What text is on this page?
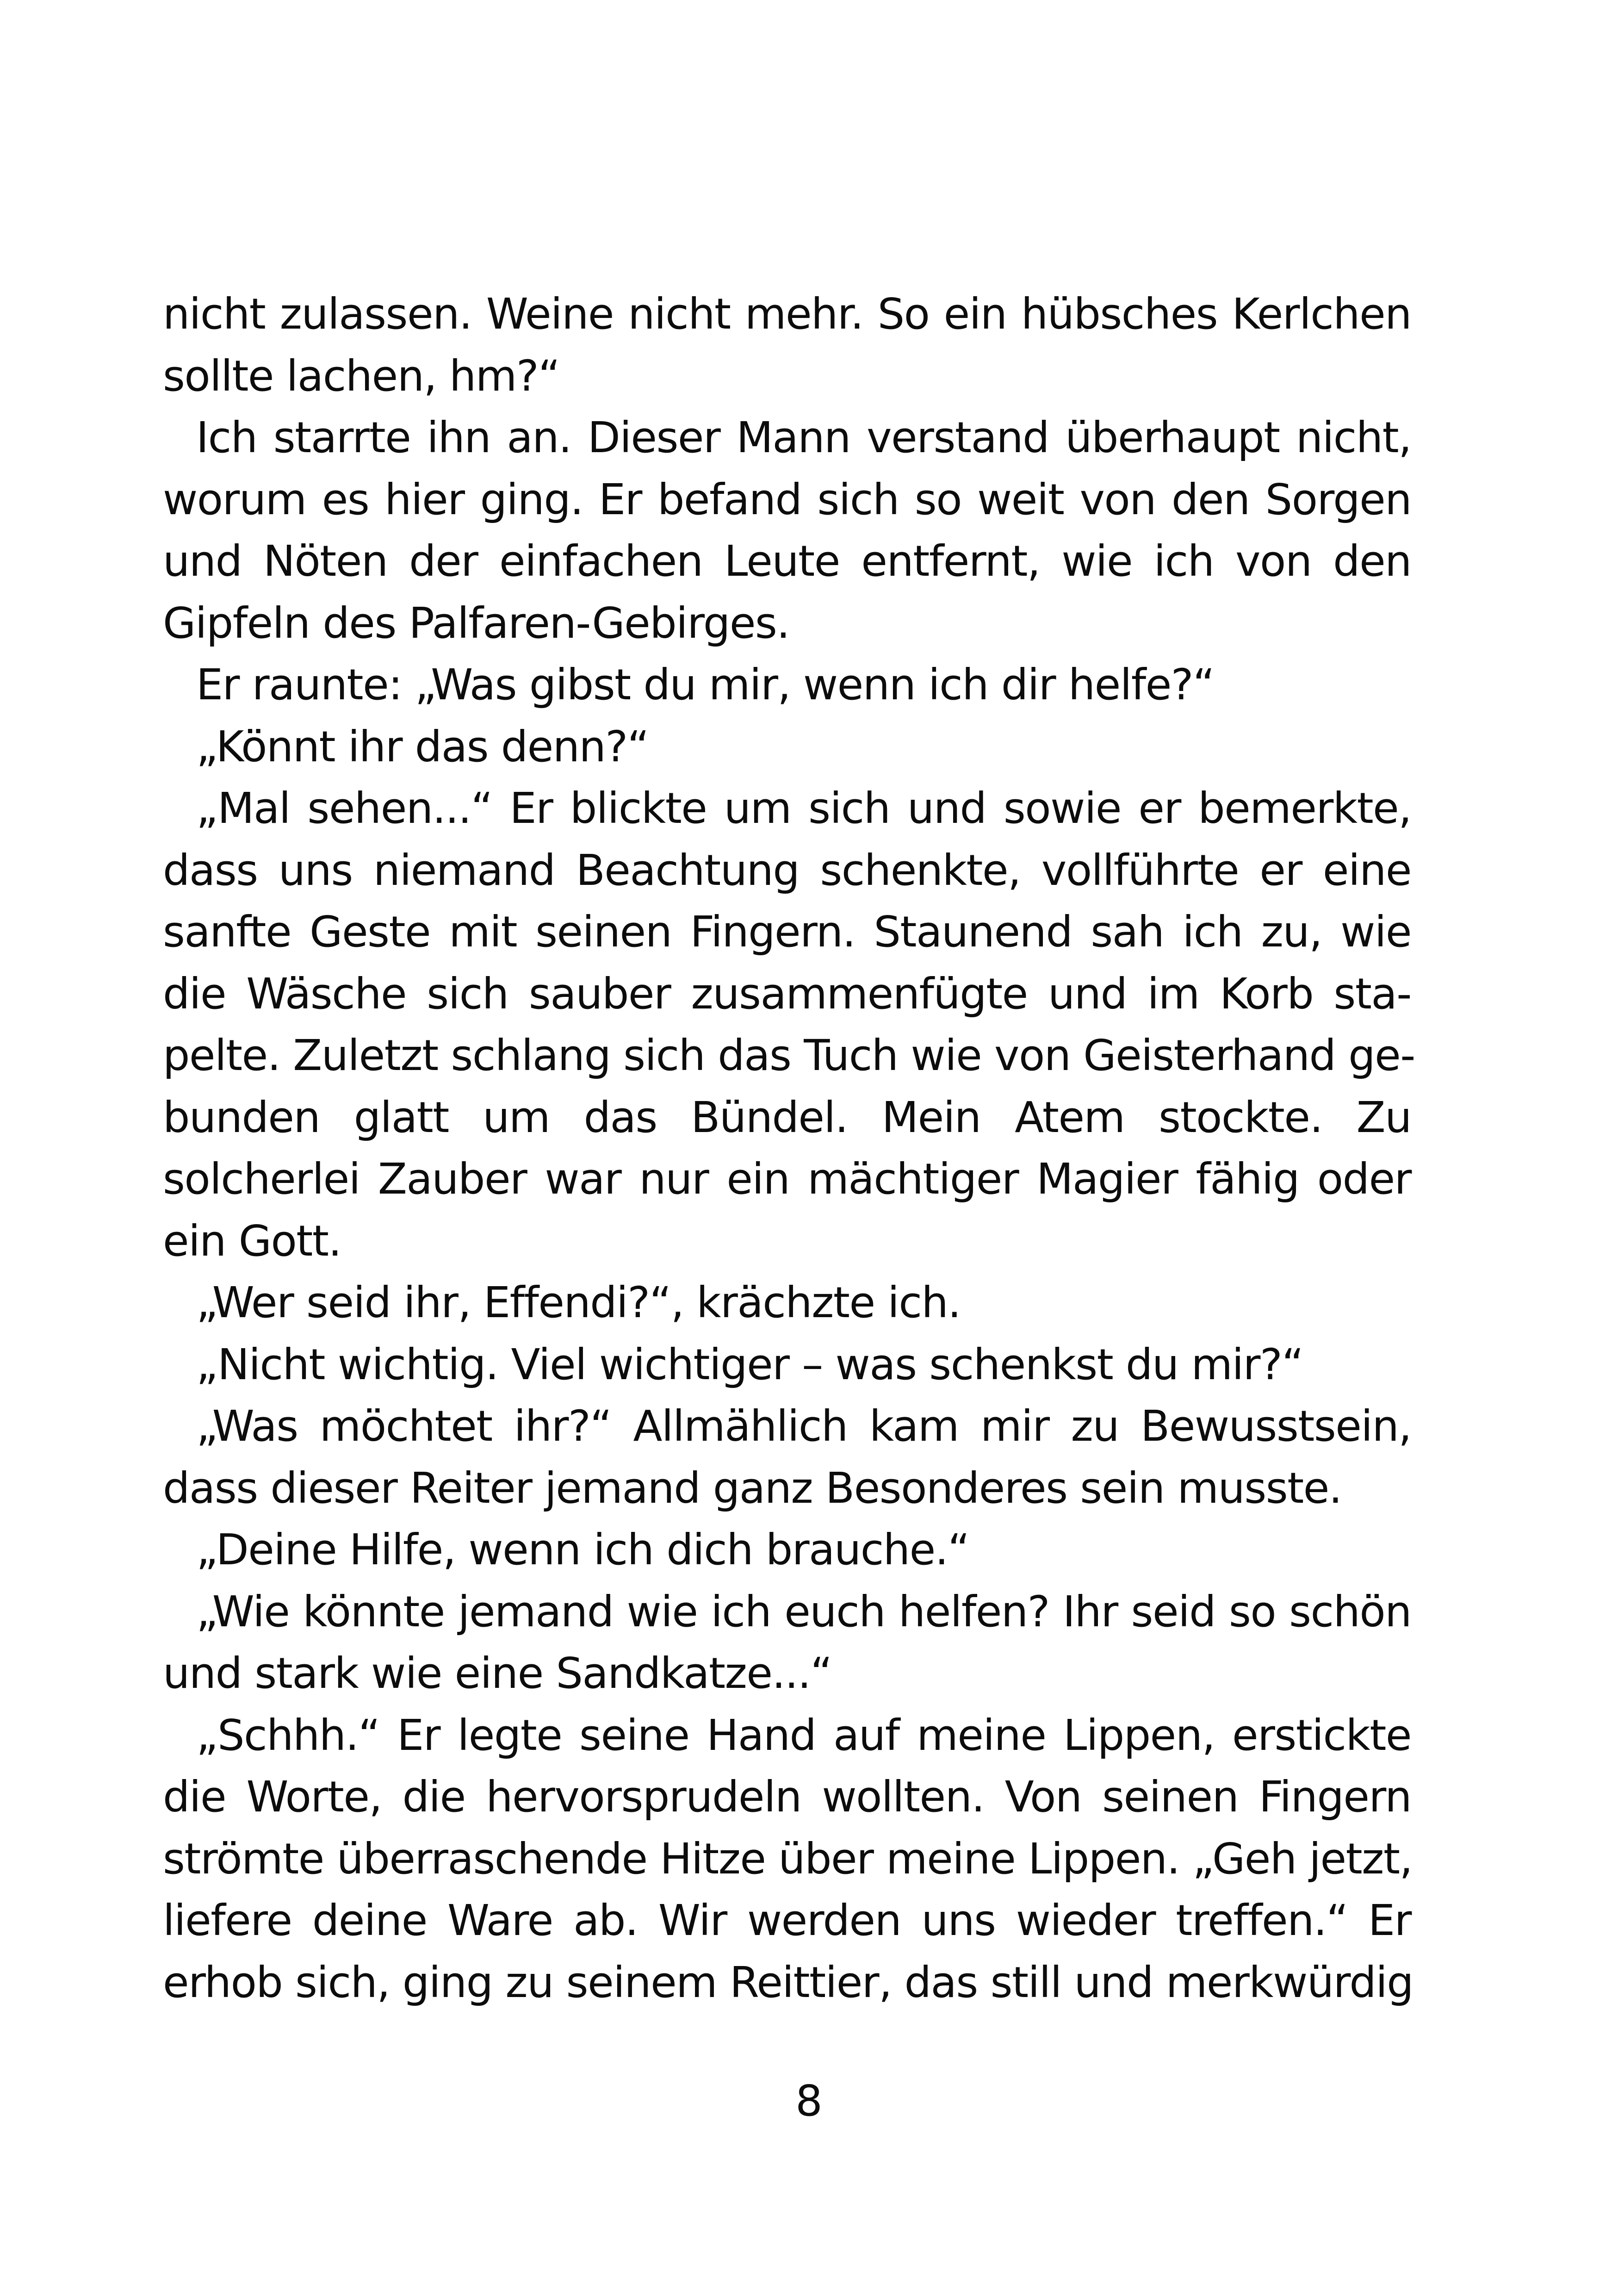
nicht zulassen. Weine nicht mehr. So ein hübsches Kerlchen
sollte lachen, hm?“
Ich starrte ihn an. Dieser Mann verstand überhaupt nicht,
worum es hier ging. Er befand sich so weit von den Sorgen
und Nöten der einfachen Leute entfernt, wie ich von den
Gipfeln des Palfaren-Gebirges.
Er raunte: „Was gibst du mir, wenn ich dir helfe?“
„Könnt ihr das denn?“
„Mal sehen...“ Er blickte um sich und sowie er bemerkte,
dass uns niemand Beachtung schenkte, vollführte er eine
sanfte Geste mit seinen Fingern. Staunend sah ich zu, wie
die Wäsche sich sauber zusammenfügte und im Korb sta-
pelte. Zuletzt schlang sich das Tuch wie von Geisterhand ge-
bunden glatt um das Bündel. Mein Atem stockte. Zu
solcherlei Zauber war nur ein mächtiger Magier fähig oder
ein Gott.
„Wer seid ihr, Effendi?“, krächzte ich.
„Nicht wichtig. Viel wichtiger – was schenkst du mir?“
„Was möchtet ihr?“ Allmählich kam mir zu Bewusstsein,
dass dieser Reiter jemand ganz Besonderes sein musste.
„Deine Hilfe, wenn ich dich brauche.“
„Wie könnte jemand wie ich euch helfen? Ihr seid so schön
und stark wie eine Sandkatze...“
„Schhh.“ Er legte seine Hand auf meine Lippen, erstickte
die Worte, die hervorsprudeln wollten. Von seinen Fingern
strömte überraschende Hitze über meine Lippen. „Geh jetzt,
liefere deine Ware ab. Wir werden uns wieder treffen.“ Er
erhob sich, ging zu seinem Reittier, das still und merkwürdig
8
